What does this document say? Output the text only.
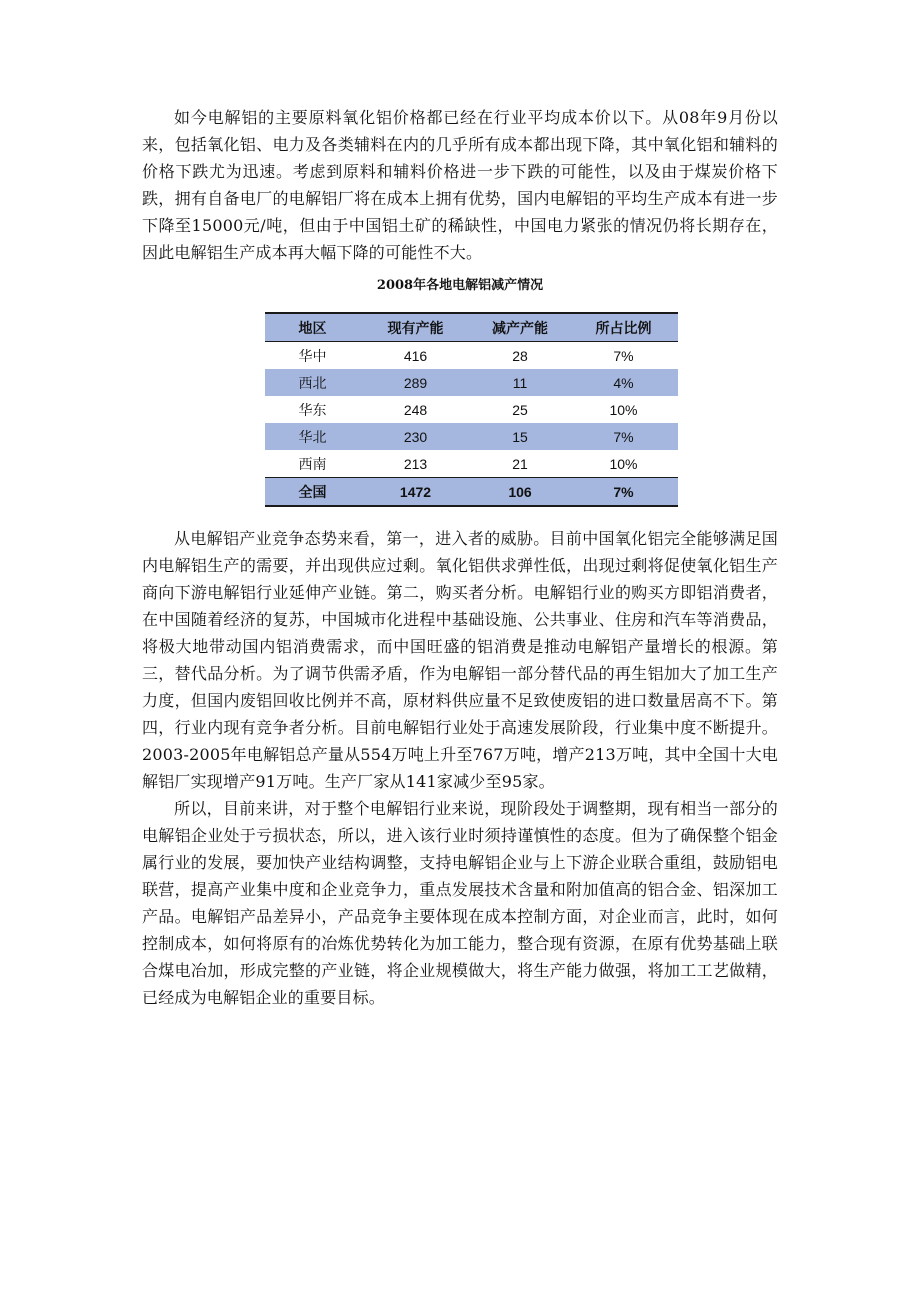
如今电解铝的主要原料氧化铝价格都已经在行业平均成本价以下。从08年9月份以来，包括氧化铝、电力及各类辅料在内的几乎所有成本都出现下降，其中氧化铝和辅料的价格下跌尤为迅速。考虑到原料和辅料价格进一步下跌的可能性，以及由于煤炭价格下跌，拥有自备电厂的电解铝厂将在成本上拥有优势，国内电解铝的平均生产成本有进一步下降至15000元/吨，但由于中国铝土矿的稀缺性，中国电力紧张的情况仍将长期存在，因此电解铝生产成本再大幅下降的可能性不大。

2008年各地电解铝减产情况
地区	现有产能	减产产能	所占比例
华中	416	28	7%
西北	289	11	4%
华东	248	25	10%
华北	230	15	7%
西南	213	21	10%
全国	1472	106	7%

从电解铝产业竞争态势来看，第一，进入者的威胁。目前中国氧化铝完全能够满足国内电解铝生产的需要，并出现供应过剩。氧化铝供求弹性低，出现过剩将促使氧化铝生产商向下游电解铝行业延伸产业链。第二，购买者分析。电解铝行业的购买方即铝消费者，在中国随着经济的复苏，中国城市化进程中基础设施、公共事业、住房和汽车等消费品，将极大地带动国内铝消费需求，而中国旺盛的铝消费是推动电解铝产量增长的根源。第三，替代品分析。为了调节供需矛盾，作为电解铝一部分替代品的再生铝加大了加工生产力度，但国内废铝回收比例并不高，原材料供应量不足致使废铝的进口数量居高不下。第四，行业内现有竞争者分析。目前电解铝行业处于高速发展阶段，行业集中度不断提升。2003-2005年电解铝总产量从554万吨上升至767万吨，增产213万吨，其中全国十大电解铝厂实现增产91万吨。生产厂家从141家减少至95家。

所以，目前来讲，对于整个电解铝行业来说，现阶段处于调整期，现有相当一部分的电解铝企业处于亏损状态，所以，进入该行业时须持谨慎性的态度。但为了确保整个铝金属行业的发展，要加快产业结构调整，支持电解铝企业与上下游企业联合重组，鼓励铝电联营，提高产业集中度和企业竞争力，重点发展技术含量和附加值高的铝合金、铝深加工产品。电解铝产品差异小，产品竞争主要体现在成本控制方面，对企业而言，此时，如何控制成本，如何将原有的冶炼优势转化为加工能力，整合现有资源，在原有优势基础上联合煤电冶加，形成完整的产业链，将企业规模做大，将生产能力做强，将加工工艺做精，已经成为电解铝企业的重要目标。
